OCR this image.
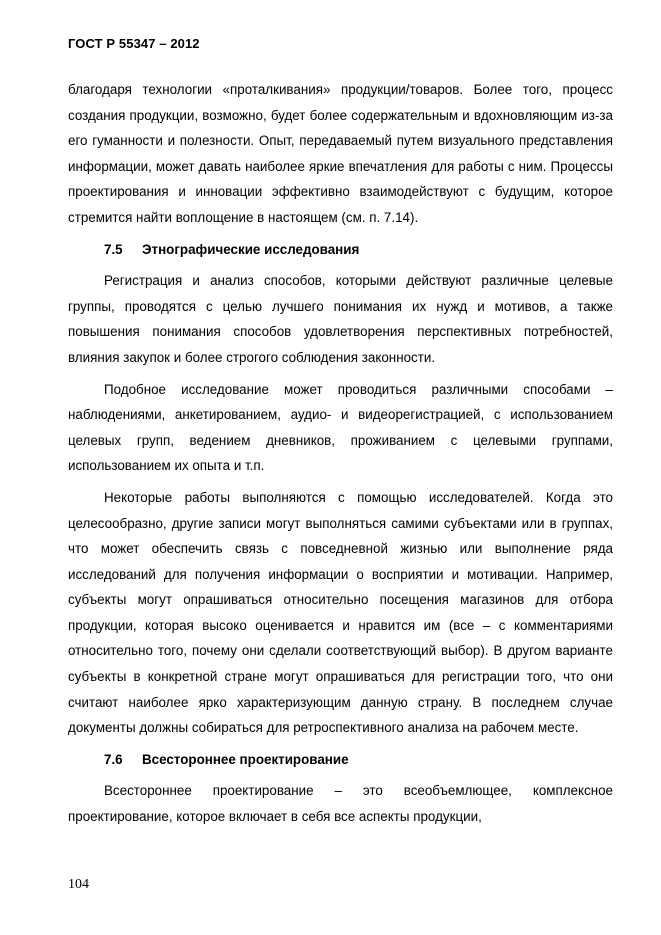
ГОСТ Р 55347 – 2012

благодаря технологии «проталкивания» продукции/товаров. Более того, процесс создания продукции, возможно, будет более содержательным и вдохновляющим из-за его гуманности и полезности. Опыт, передаваемый путем визуального представления информации, может давать наиболее яркие впечатления для работы с ним. Процессы проектирования и инновации эффективно взаимодействуют с будущим, которое стремится найти воплощение в настоящем (см. п. 7.14).

7.5 Этнографические исследования

Регистрация и анализ способов, которыми действуют различные целевые группы, проводятся с целью лучшего понимания их нужд и мотивов, а также повышения понимания способов удовлетворения перспективных потребностей, влияния закупок и более строгого соблюдения законности.

Подобное исследование может проводиться различными способами – наблюдениями, анкетированием, аудио- и видеорегистрацией, с использованием целевых групп, ведением дневников, проживанием с целевыми группами, использованием их опыта и т.п.

Некоторые работы выполняются с помощью исследователей. Когда это целесообразно, другие записи могут выполняться самими субъектами или в группах, что может обеспечить связь с повседневной жизнью или выполнение ряда исследований для получения информации о восприятии и мотивации. Например, субъекты могут опрашиваться относительно посещения магазинов для отбора продукции, которая высоко оценивается и нравится им (все – с комментариями относительно того, почему они сделали соответствующий выбор). В другом варианте субъекты в конкретной стране могут опрашиваться для регистрации того, что они считают наиболее ярко характеризующим данную страну. В последнем случае документы должны собираться для ретроспективного анализа на рабочем месте.

7.6 Всестороннее проектирование

Всестороннее проектирование – это всеобъемлющее, комплексное проектирование, которое включает в себя все аспекты продукции,

104
